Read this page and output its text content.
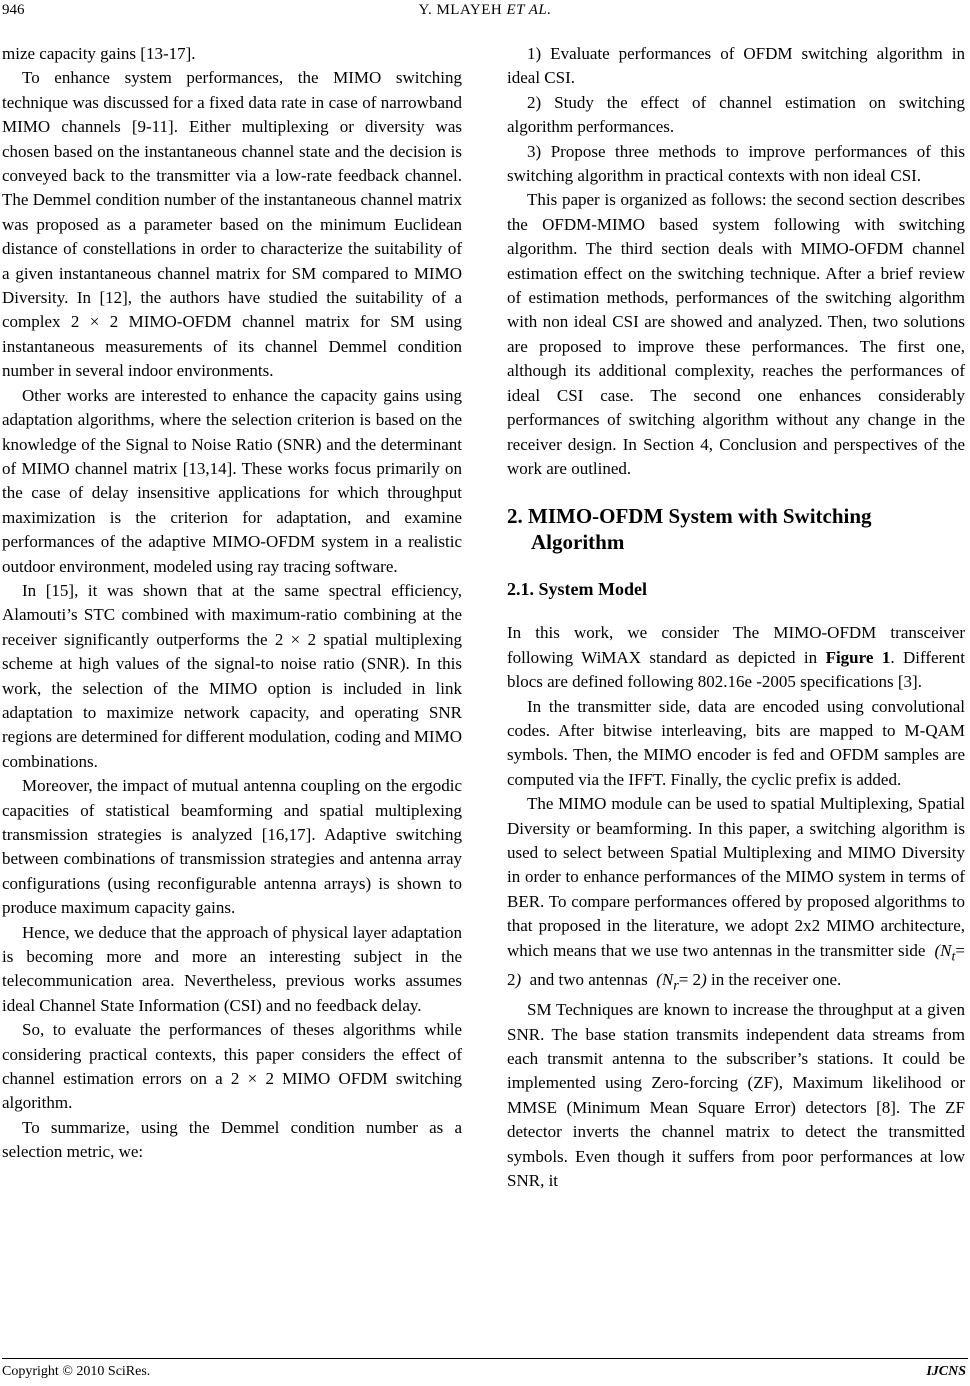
946	Y. MLAYEH ET AL.

mize capacity gains [13-17].

To enhance system performances, the MIMO switching technique was discussed for a fixed data rate in case of narrowband MIMO channels [9-11]. Either multiplexing or diversity was chosen based on the instantaneous channel state and the decision is conveyed back to the transmitter via a low-rate feedback channel. The Demmel condition number of the instantaneous channel matrix was proposed as a parameter based on the minimum Euclidean distance of constellations in order to characterize the suitability of a given instantaneous channel matrix for SM compared to MIMO Diversity. In [12], the authors have studied the suitability of a complex 2 × 2 MIMO-OFDM channel matrix for SM using instantaneous measurements of its channel Demmel condition number in several indoor environments.

Other works are interested to enhance the capacity gains using adaptation algorithms, where the selection criterion is based on the knowledge of the Signal to Noise Ratio (SNR) and the determinant of MIMO channel matrix [13,14]. These works focus primarily on the case of delay insensitive applications for which throughput maximization is the criterion for adaptation, and examine performances of the adaptive MIMO-OFDM system in a realistic outdoor environment, modeled using ray tracing software.

In [15], it was shown that at the same spectral efficiency, Alamouti’s STC combined with maximum-ratio combining at the receiver significantly outperforms the 2 × 2 spatial multiplexing scheme at high values of the signal-to noise ratio (SNR). In this work, the selection of the MIMO option is included in link adaptation to maximize network capacity, and operating SNR regions are determined for different modulation, coding and MIMO combinations.

Moreover, the impact of mutual antenna coupling on the ergodic capacities of statistical beamforming and spatial multiplexing transmission strategies is analyzed [16,17]. Adaptive switching between combinations of transmission strategies and antenna array configurations (using reconfigurable antenna arrays) is shown to produce maximum capacity gains.

Hence, we deduce that the approach of physical layer adaptation is becoming more and more an interesting subject in the telecommunication area. Nevertheless, previous works assumes ideal Channel State Information (CSI) and no feedback delay.

So, to evaluate the performances of theses algorithms while considering practical contexts, this paper considers the effect of channel estimation errors on a 2 × 2 MIMO OFDM switching algorithm.

To summarize, using the Demmel condition number as a selection metric, we:

1) Evaluate performances of OFDM switching algorithm in ideal CSI.

2) Study the effect of channel estimation on switching algorithm performances.

3) Propose three methods to improve performances of this switching algorithm in practical contexts with non ideal CSI.

This paper is organized as follows: the second section describes the OFDM-MIMO based system following with switching algorithm. The third section deals with MIMO-OFDM channel estimation effect on the switching technique. After a brief review of estimation methods, performances of the switching algorithm with non ideal CSI are showed and analyzed. Then, two solutions are proposed to improve these performances. The first one, although its additional complexity, reaches the performances of ideal CSI case. The second one enhances considerably performances of switching algorithm without any change in the receiver design. In Section 4, Conclusion and perspectives of the work are outlined.

2. MIMO-OFDM System with Switching Algorithm
2.1. System Model

In this work, we consider The MIMO-OFDM transceiver following WiMAX standard as depicted in Figure 1. Different blocs are defined following 802.16e -2005 specifications [3].

In the transmitter side, data are encoded using convolutional codes. After bitwise interleaving, bits are mapped to M-QAM symbols. Then, the MIMO encoder is fed and OFDM samples are computed via the IFFT. Finally, the cyclic prefix is added.

The MIMO module can be used to spatial Multiplexing, Spatial Diversity or beamforming. In this paper, a switching algorithm is used to select between Spatial Multiplexing and MIMO Diversity in order to enhance performances of the MIMO system in terms of BER. To compare performances offered by proposed algorithms to that proposed in the literature, we adopt 2x2 MIMO architecture, which means that we use two antennas in the transmitter side  $(N_t= 2)$  and two antennas  $(N_r= 2)$ in the receiver one.

SM Techniques are known to increase the throughput at a given SNR. The base station transmits independent data streams from each transmit antenna to the subscriber’s stations. It could be implemented using Zero-forcing (ZF), Maximum likelihood or MMSE (Minimum Mean Square Error) detectors [8]. The ZF detector inverts the channel matrix to detect the transmitted symbols. Even though it suffers from poor performances at low SNR, it

Copyright © 2010 SciRes.	IJCNS
